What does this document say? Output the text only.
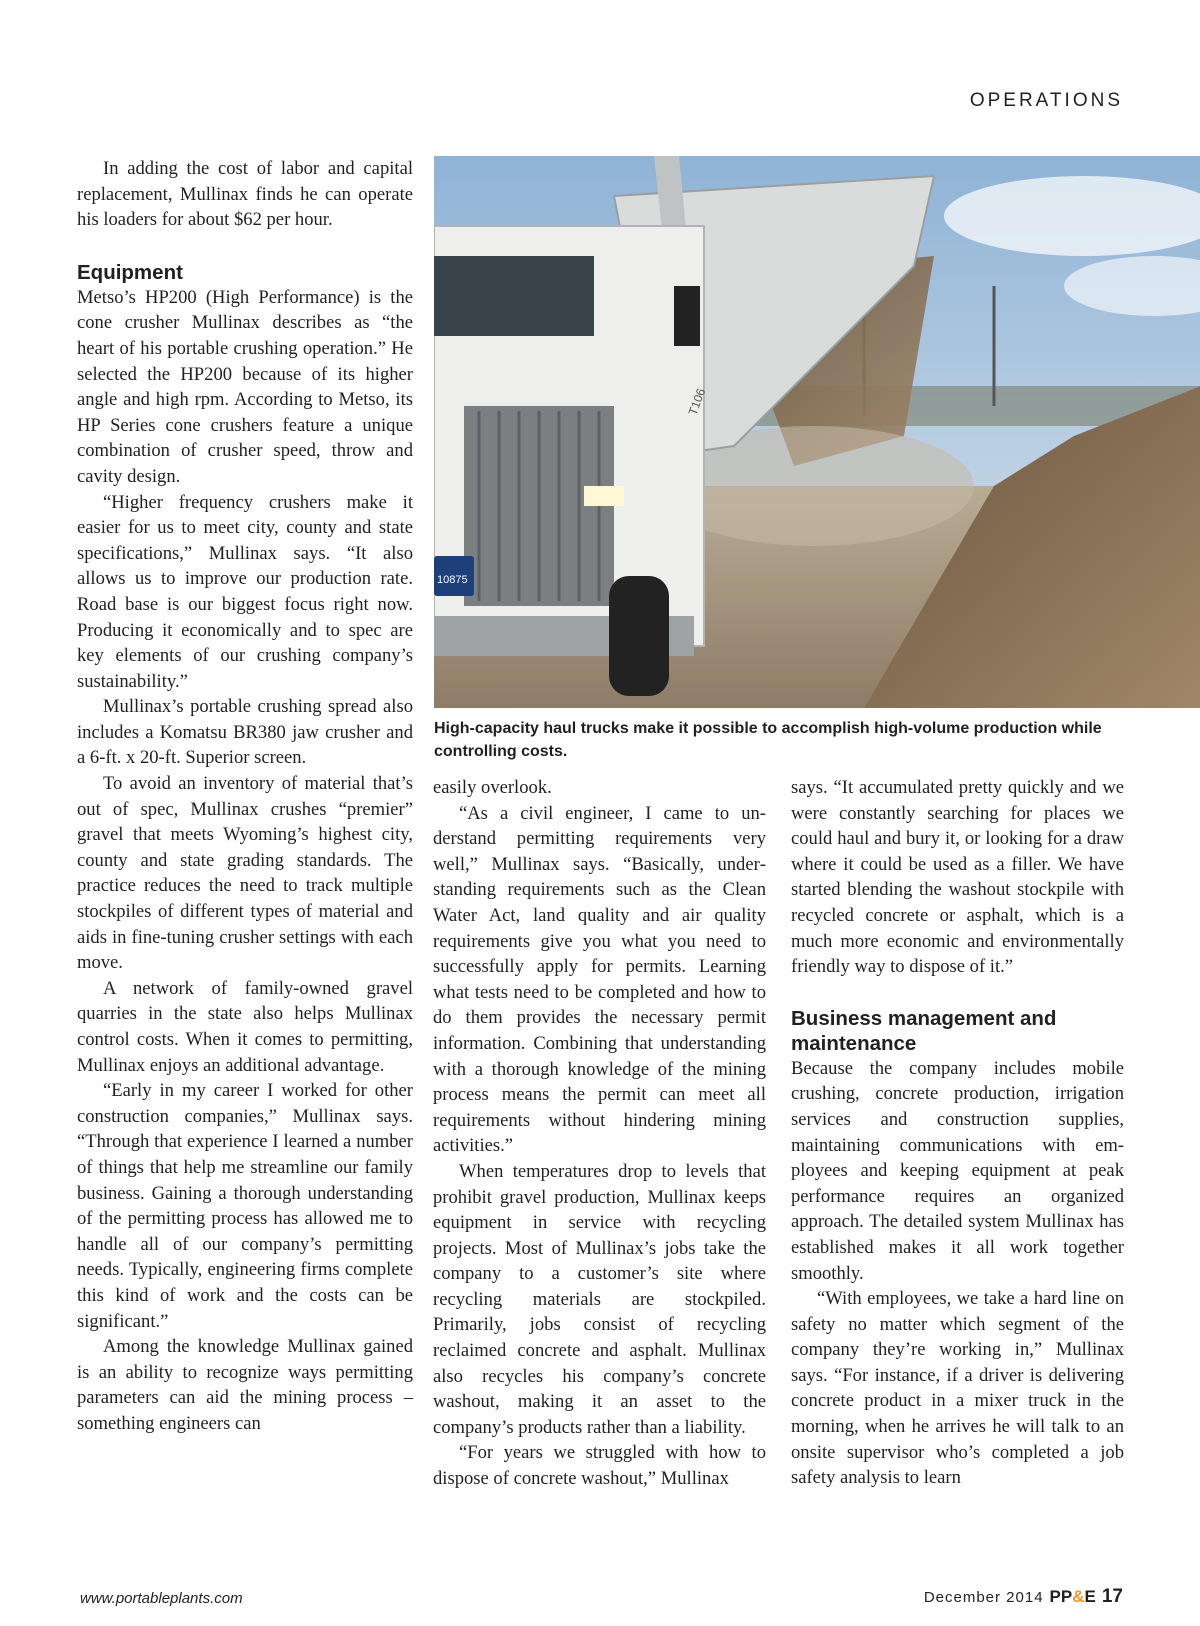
OPERATIONS

In adding the cost of labor and capital replacement, Mullinax finds he can operate his loaders for about $62 per hour.

Equipment

Metso’s HP200 (High Performance) is the cone crusher Mullinax describes as “the heart of his portable crushing operation.” He selected the HP200 because of its higher angle and high rpm. According to Metso, its HP Series cone crushers feature a unique combination of crusher speed, throw and cavity design.

“Higher frequency crushers make it easier for us to meet city, county and state specifications,” Mullinax says. “It also allows us to improve our production rate. Road base is our biggest focus right now. Producing it economically and to spec are key elements of our crushing company’s sustainability.”

Mullinax’s portable crushing spread also includes a Komatsu BR380 jaw crusher and a 6-ft. x 20-ft. Superior screen.

To avoid an inventory of material that’s out of spec, Mullinax crushes “premier” gravel that meets Wyoming’s highest city, county and state grading standards. The practice reduces the need to track multiple stockpiles of different types of material and aids in fine-tuning crusher settings with each move.

A network of family-owned gravel quarries in the state also helps Mullinax control costs. When it comes to permitting, Mullinax enjoys an additional advantage.

“Early in my career I worked for other construction companies,” Mullinax says. “Through that experience I learned a number of things that help me streamline our family business. Gaining a thorough understanding of the permitting process has allowed me to handle all of our company’s permitting needs. Typically, engineering firms complete this kind of work and the costs can be significant.”

Among the knowledge Mullinax gained is an ability to recognize ways permitting parameters can aid the mining process – something engineers can

T106
10875
High-capacity haul trucks make it possible to accomplish high-volume production while controlling costs.

easily overlook.

“As a civil engineer, I came to understand permitting requirements very well,” Mullinax says. “Basically, understanding requirements such as the Clean Water Act, land quality and air quality requirements give you what you need to successfully apply for permits. Learning what tests need to be completed and how to do them provides the necessary permit information. Combining that understanding with a thorough knowledge of the mining process means the permit can meet all requirements without hindering mining activities.”

When temperatures drop to levels that prohibit gravel production, Mullinax keeps equipment in service with recycling projects. Most of Mullinax’s jobs take the company to a customer’s site where recycling materials are stockpiled. Primarily, jobs consist of recycling reclaimed concrete and asphalt. Mullinax also recycles his company’s concrete washout, making it an asset to the company’s products rather than a liability.

“For years we struggled with how to dispose of concrete washout,” Mullinax

says. “It accumulated pretty quickly and we were constantly searching for places we could haul and bury it, or looking for a draw where it could be used as a filler. We have started blending the washout stockpile with recycled concrete or asphalt, which is a much more economic and environmentally friendly way to dispose of it.”

Business management and maintenance

Because the company includes mobile crushing, concrete production, irrigation services and construction supplies, maintaining communications with employees and keeping equipment at peak performance requires an organized approach. The detailed system Mullinax has established makes it all work together smoothly.

“With employees, we take a hard line on safety no matter which segment of the company they’re working in,” Mullinax says. “For instance, if a driver is delivering concrete product in a mixer truck in the morning, when he arrives he will talk to an onsite supervisor who’s completed a job safety analysis to learn

www.portableplants.com	December 2014 PP&E 17
